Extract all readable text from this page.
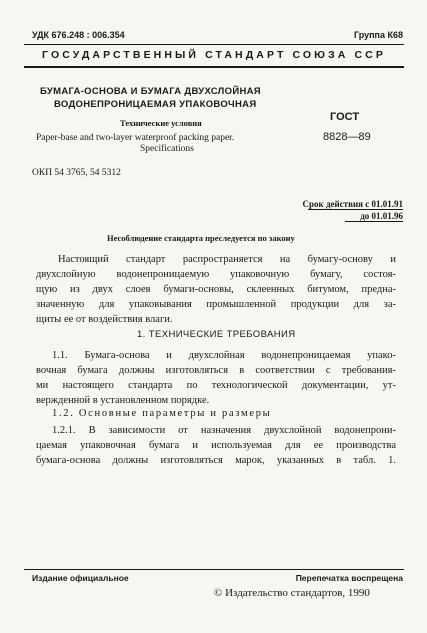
УДК 676.248 : 006.354	Группа К68
ГОСУДАРСТВЕННЫЙ СТАНДАРТ СОЮЗА ССР
БУМАГА-ОСНОВА И БУМАГА ДВУХСЛОЙНАЯ
ВОДОНЕПРОНИЦАЕМАЯ УПАКОВОЧНАЯ
Технические условия
Paper-base and two-layer waterproof packing paper.
Specifications
ГОСТ
8828—89
ОКП 54 3765, 54 5312
Срок действия с 01.01.91
до 01.01.96
Несоблюдение стандарта преследуется по закону
Настоящий стандарт распространяется на бумагу-основу и
двухслойную водонепроницаемую упаковочную бумагу, состоя-
щую из двух слоев бумаги-основы, склеенных битумом, предна-
значенную для упаковывания промышленной продукции для за-
щиты ее от воздействия влаги.
1. ТЕХНИЧЕСКИЕ ТРЕБОВАНИЯ
1.1. Бумага-основа и двухслойная водонепроницаемая упако-
вочная бумага должны изготовляться в соответствии с требования-
ми настоящего стандарта по технологической документации, ут-
вержденной в установленном порядке.
1.2. Основные параметры и размеры
1.2.1. В зависимости от назначения двухслойной водонепрони-
цаемая упаковочная бумага и используемая для ее производства
бумага-основа должны изготовляться марок, указанных в табл. 1.
Издание официальное	Перепечатка воспрещена
© Издательство стандартов, 1990
